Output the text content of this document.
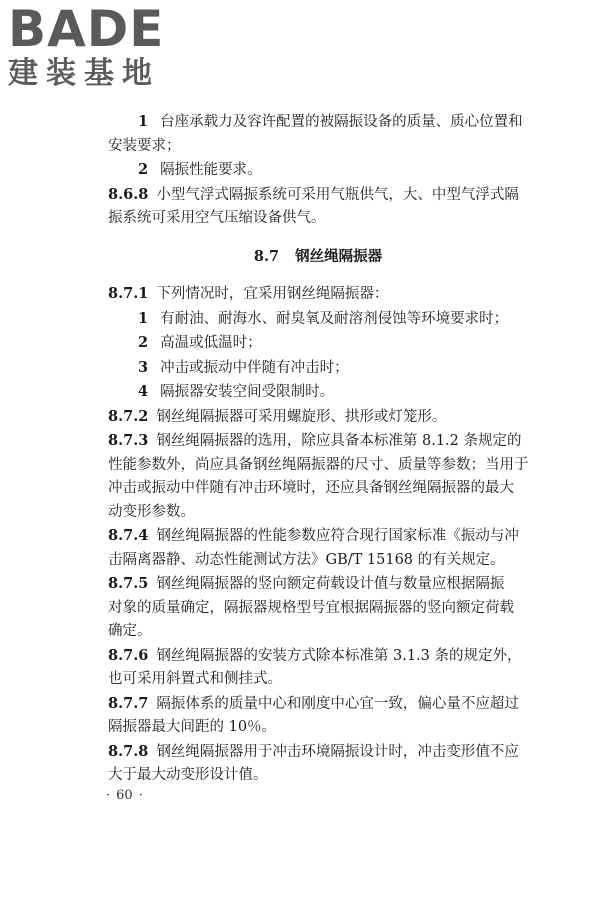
BADE
建装基地
1 台座承载力及容许配置的被隔振设备的质量、质心位置和
安装要求；
2 隔振性能要求。
8.6.8 小型气浮式隔振系统可采用气瓶供气，大、中型气浮式隔
振系统可采用空气压缩设备供气。
8.7 钢丝绳隔振器
8.7.1 下列情况时，宜采用钢丝绳隔振器：
1 有耐油、耐海水、耐臭氧及耐溶剂侵蚀等环境要求时；
2 高温或低温时；
3 冲击或振动中伴随有冲击时；
4 隔振器安装空间受限制时。
8.7.2 钢丝绳隔振器可采用螺旋形、拱形或灯笼形。
8.7.3 钢丝绳隔振器的选用，除应具备本标准第 8.1.2 条规定的
性能参数外，尚应具备钢丝绳隔振器的尺寸、质量等参数；当用于
冲击或振动中伴随有冲击环境时，还应具备钢丝绳隔振器的最大
动变形参数。
8.7.4 钢丝绳隔振器的性能参数应符合现行国家标准《振动与冲
击隔离器静、动态性能测试方法》GB/T 15168 的有关规定。
8.7.5 钢丝绳隔振器的竖向额定荷载设计值与数量应根据隔振
对象的质量确定，隔振器规格型号宜根据隔振器的竖向额定荷载
确定。
8.7.6 钢丝绳隔振器的安装方式除本标准第 3.1.3 条的规定外，
也可采用斜置式和侧挂式。
8.7.7 隔振体系的质量中心和刚度中心宜一致，偏心量不应超过
隔振器最大间距的 10％。
8.7.8 钢丝绳隔振器用于冲击环境隔振设计时，冲击变形值不应
大于最大动变形设计值。
· 60 ·
